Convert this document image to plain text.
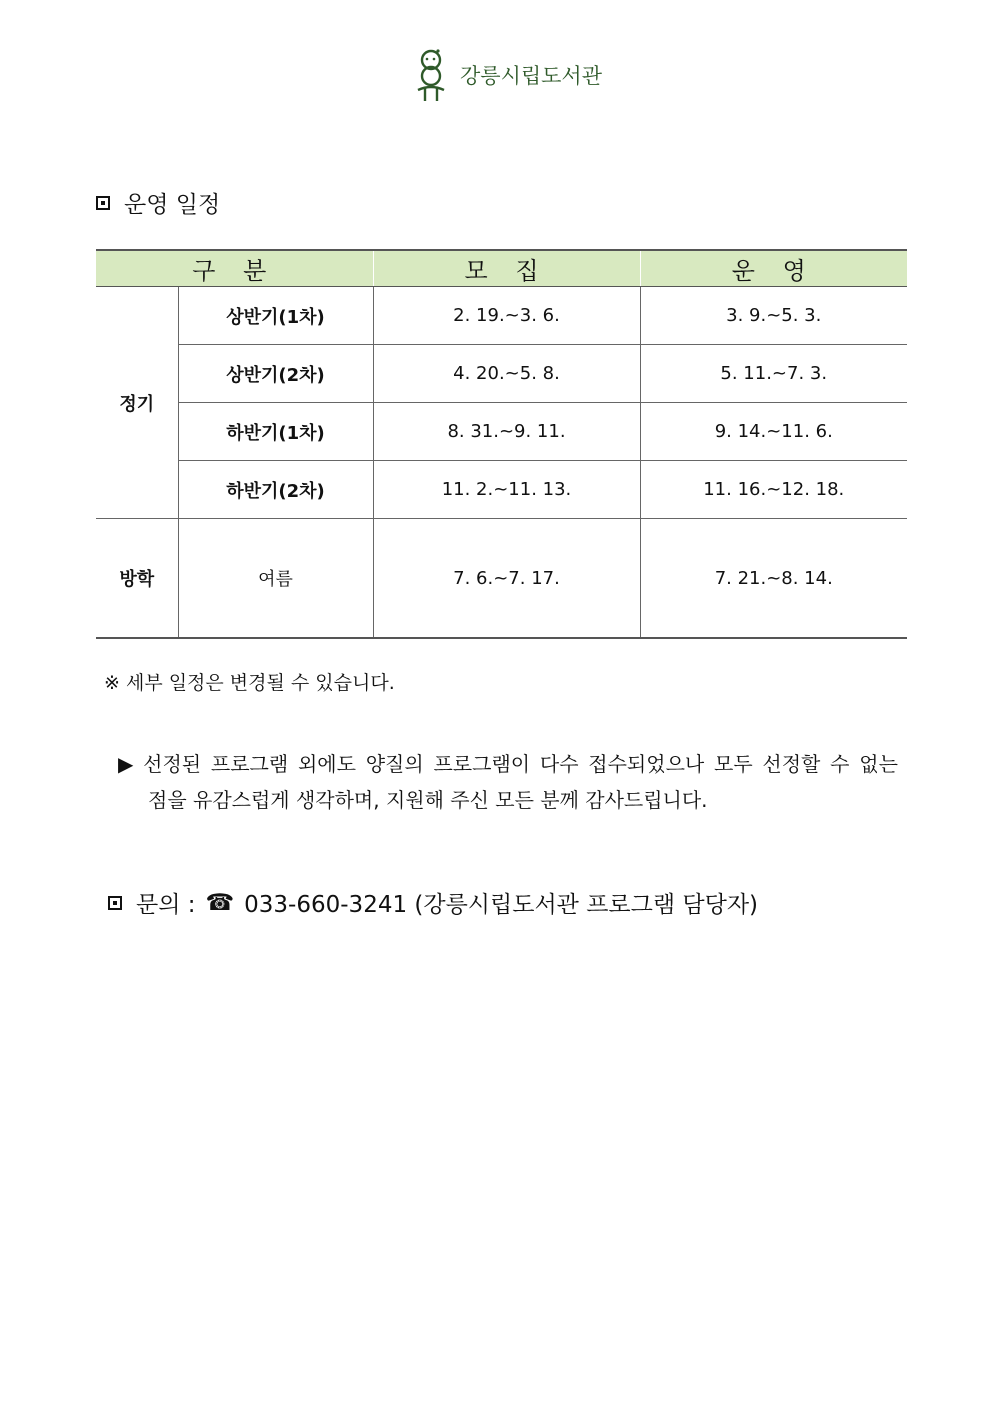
강릉시립도서관
운영 일정
구 분		모 집	운 영
정기	상반기(1차)	2. 19.~3. 6.	3. 9.~5. 3.
	상반기(2차)	4. 20.~5. 8.	5. 11.~7. 3.
	하반기(1차)	8. 31.~9. 11.	9. 14.~11. 6.
	하반기(2차)	11. 2.~11. 13.	11. 16.~12. 18.
방학	여름	7. 6.~7. 17.	7. 21.~8. 14.
※ 세부 일정은 변경될 수 있습니다.
▶ 선정된 프로그램 외에도 양질의 프로그램이 다수 접수되었으나 모두 선정할 수 없는
점을 유감스럽게 생각하며, 지원해 주신 모든 분께 감사드립니다.
문의 : ☎ 033-660-3241 (강릉시립도서관 프로그램 담당자)
